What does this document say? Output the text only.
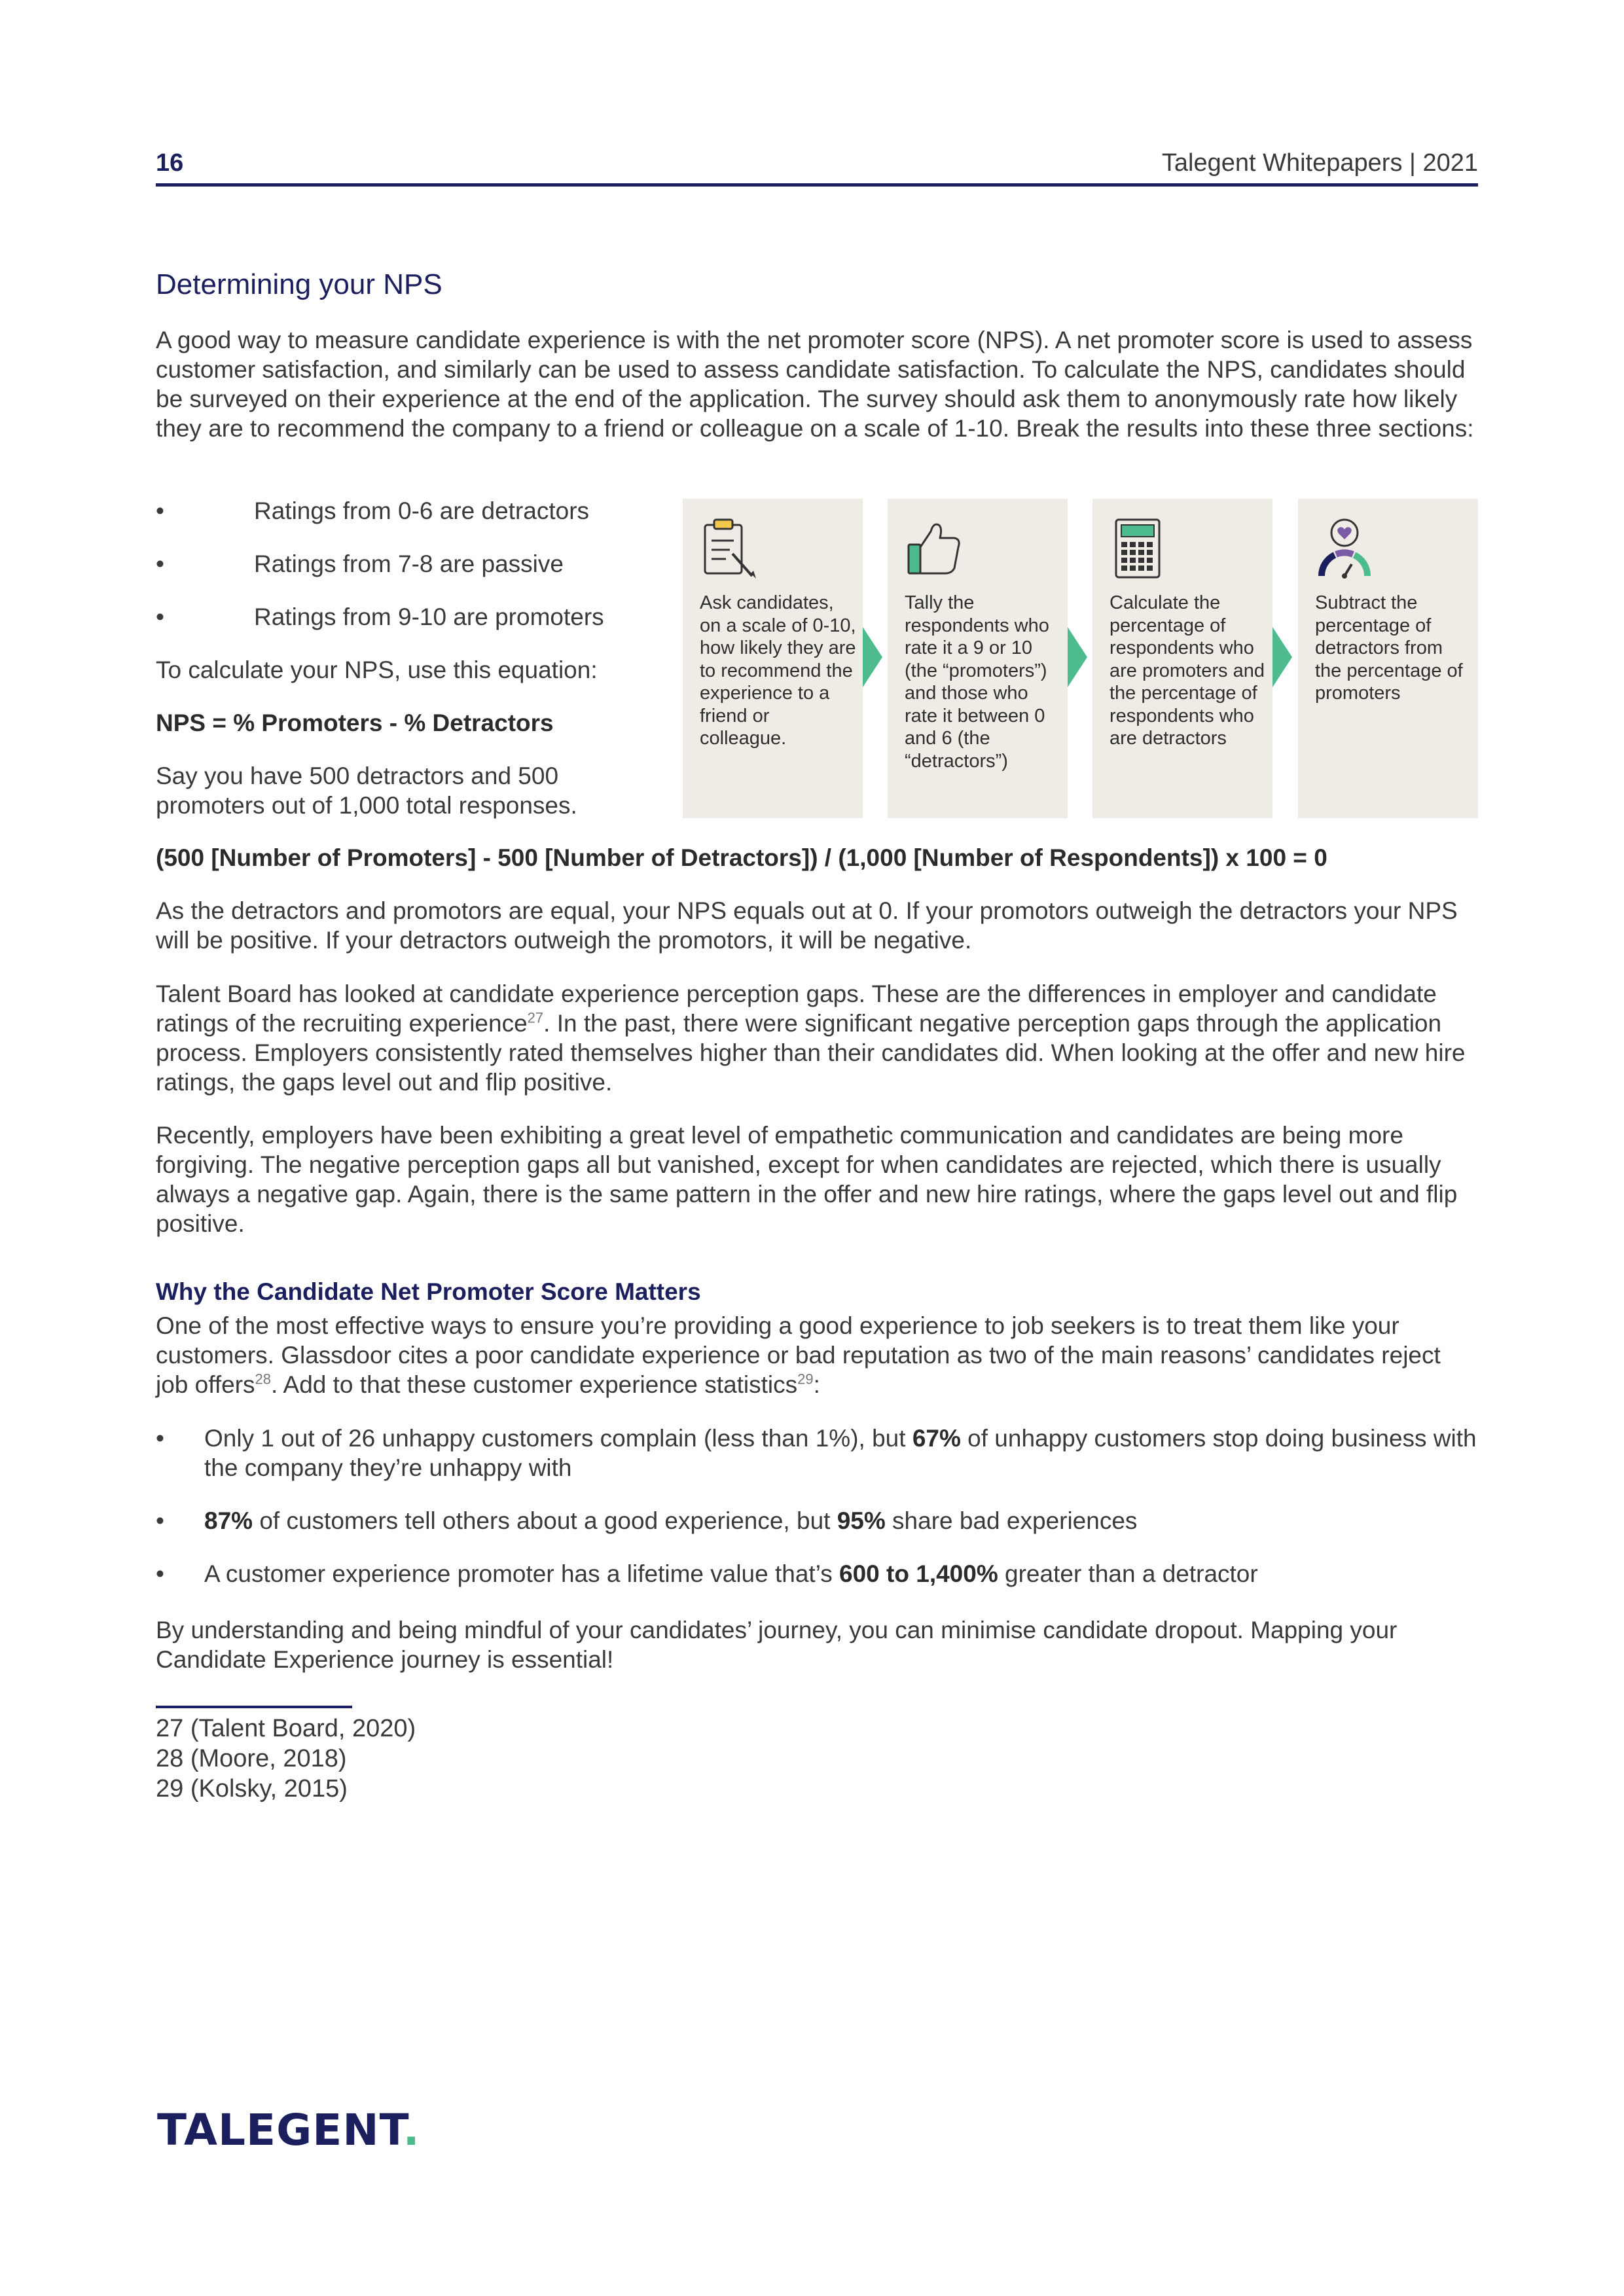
16	Talegent Whitepapers | 2021
Determining your NPS
A good way to measure candidate experience is with the net promoter score (NPS). A net promoter score is used to assess customer satisfaction, and similarly can be used to assess candidate satisfaction. To calculate the NPS, candidates should be surveyed on their experience at the end of the application. The survey should ask them to anonymously rate how likely they are to recommend the company to a friend or colleague on a scale of 1-10. Break the results into these three sections:
•	Ratings from 0-6 are detractors
•	Ratings from 7-8 are passive
•	Ratings from 9-10 are promoters

To calculate your NPS, use this equation:

NPS = % Promoters - % Detractors

Say you have 500 detractors and 500 promoters out of 1,000 total responses.

Ask candidates, on a scale of 0-10, how likely they are to recommend the experience to a friend or colleague.
Tally the respondents who rate it a 9 or 10 (the “promoters”) and those who rate it between 0 and 6 (the “detractors”)
Calculate the percentage of respondents who are promoters and the percentage of respondents who are detractors
Subtract the percentage of detractors from the percentage of promoters
(500 [Number of Promoters] - 500 [Number of Detractors]) / (1,000 [Number of Respondents]) x 100 = 0
As the detractors and promotors are equal, your NPS equals out at 0. If your promotors outweigh the detractors your NPS will be positive. If your detractors outweigh the promotors, it will be negative.
Talent Board has looked at candidate experience perception gaps. These are the differences in employer and candidate ratings of the recruiting experience$^{27}$. In the past, there were significant negative perception gaps through the application process. Employers consistently rated themselves higher than their candidates did. When looking at the offer and new hire ratings, the gaps level out and flip positive.
Recently, employers have been exhibiting a great level of empathetic communication and candidates are being more forgiving. The negative perception gaps all but vanished, except for when candidates are rejected, which there is usually always a negative gap. Again, there is the same pattern in the offer and new hire ratings, where the gaps level out and flip positive.
Why the Candidate Net Promoter Score Matters
One of the most effective ways to ensure you’re providing a good experience to job seekers is to treat them like your customers. Glassdoor cites a poor candidate experience or bad reputation as two of the main reasons’ candidates reject job offers$^{28}$. Add to that these customer experience statistics$^{29}$:
• Only 1 out of 26 unhappy customers complain (less than 1%), but 67% of unhappy customers stop doing business with the company they’re unhappy with
• 87% of customers tell others about a good experience, but 95% share bad experiences
• A customer experience promoter has a lifetime value that’s 600 to 1,400% greater than a detractor
By understanding and being mindful of your candidates’ journey, you can minimise candidate dropout. Mapping your Candidate Experience journey is essential!
27 (Talent Board, 2020)
28 (Moore, 2018)
29 (Kolsky, 2015)
TALEGENT.
